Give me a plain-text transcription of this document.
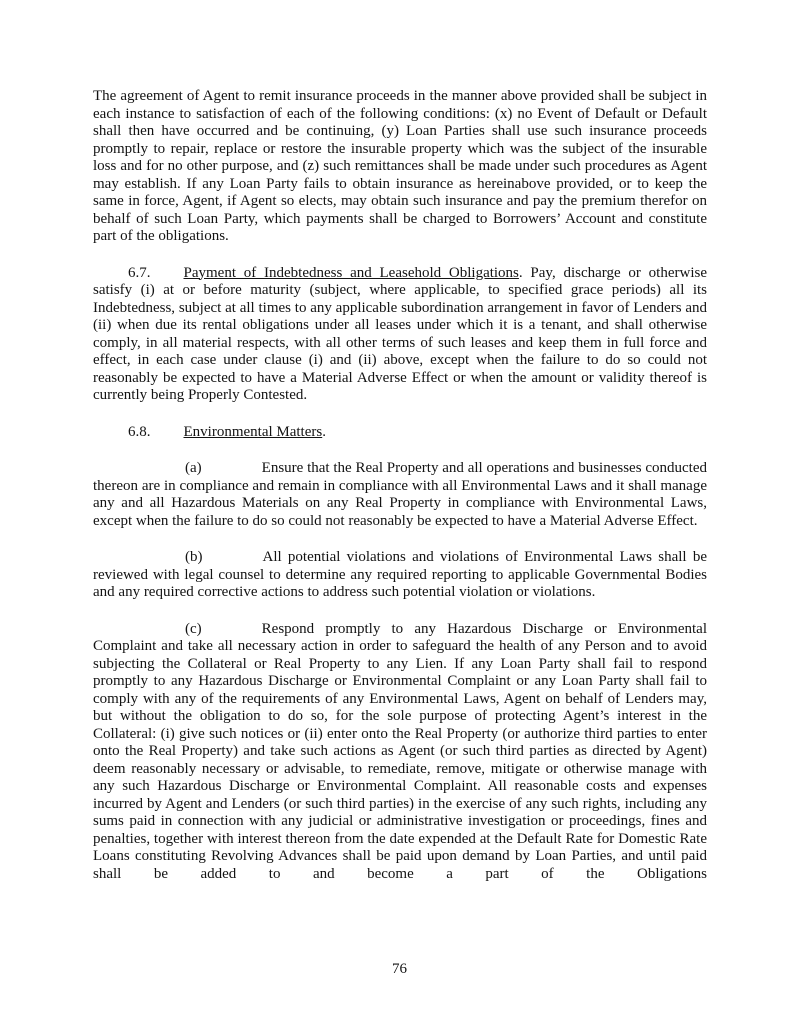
The agreement of Agent to remit insurance proceeds in the manner above provided shall be subject in each instance to satisfaction of each of the following conditions: (x) no Event of Default or Default shall then have occurred and be continuing, (y) Loan Parties shall use such insurance proceeds promptly to repair, replace or restore the insurable property which was the subject of the insurable loss and for no other purpose, and (z) such remittances shall be made under such procedures as Agent may establish. If any Loan Party fails to obtain insurance as hereinabove provided, or to keep the same in force, Agent, if Agent so elects, may obtain such insurance and pay the premium therefor on behalf of such Loan Party, which payments shall be charged to Borrowers’ Account and constitute part of the obligations.

6.7. Payment of Indebtedness and Leasehold Obligations. Pay, discharge or otherwise satisfy (i) at or before maturity (subject, where applicable, to specified grace periods) all its Indebtedness, subject at all times to any applicable subordination arrangement in favor of Lenders and (ii) when due its rental obligations under all leases under which it is a tenant, and shall otherwise comply, in all material respects, with all other terms of such leases and keep them in full force and effect, in each case under clause (i) and (ii) above, except when the failure to do so could not reasonably be expected to have a Material Adverse Effect or when the amount or validity thereof is currently being Properly Contested.

6.8. Environmental Matters.

(a)	Ensure that the Real Property and all operations and businesses conducted thereon are in compliance and remain in compliance with all Environmental Laws and it shall manage any and all Hazardous Materials on any Real Property in compliance with Environmental Laws, except when the failure to do so could not reasonably be expected to have a Material Adverse Effect.

(b)	All potential violations and violations of Environmental Laws shall be reviewed with legal counsel to determine any required reporting to applicable Governmental Bodies and any required corrective actions to address such potential violation or violations.

(c)	Respond promptly to any Hazardous Discharge or Environmental Complaint and take all necessary action in order to safeguard the health of any Person and to avoid subjecting the Collateral or Real Property to any Lien. If any Loan Party shall fail to respond promptly to any Hazardous Discharge or Environmental Complaint or any Loan Party shall fail to comply with any of the requirements of any Environmental Laws, Agent on behalf of Lenders may, but without the obligation to do so, for the sole purpose of protecting Agent’s interest in the Collateral: (i) give such notices or (ii) enter onto the Real Property (or authorize third parties to enter onto the Real Property) and take such actions as Agent (or such third parties as directed by Agent) deem reasonably necessary or advisable, to remediate, remove, mitigate or otherwise manage with any such Hazardous Discharge or Environmental Complaint. All reasonable costs and expenses incurred by Agent and Lenders (or such third parties) in the exercise of any such rights, including any sums paid in connection with any judicial or administrative investigation or proceedings, fines and penalties, together with interest thereon from the date expended at the Default Rate for Domestic Rate Loans constituting Revolving Advances shall be paid upon demand by Loan Parties, and until paid shall be added to and become a part of the Obligations

76
